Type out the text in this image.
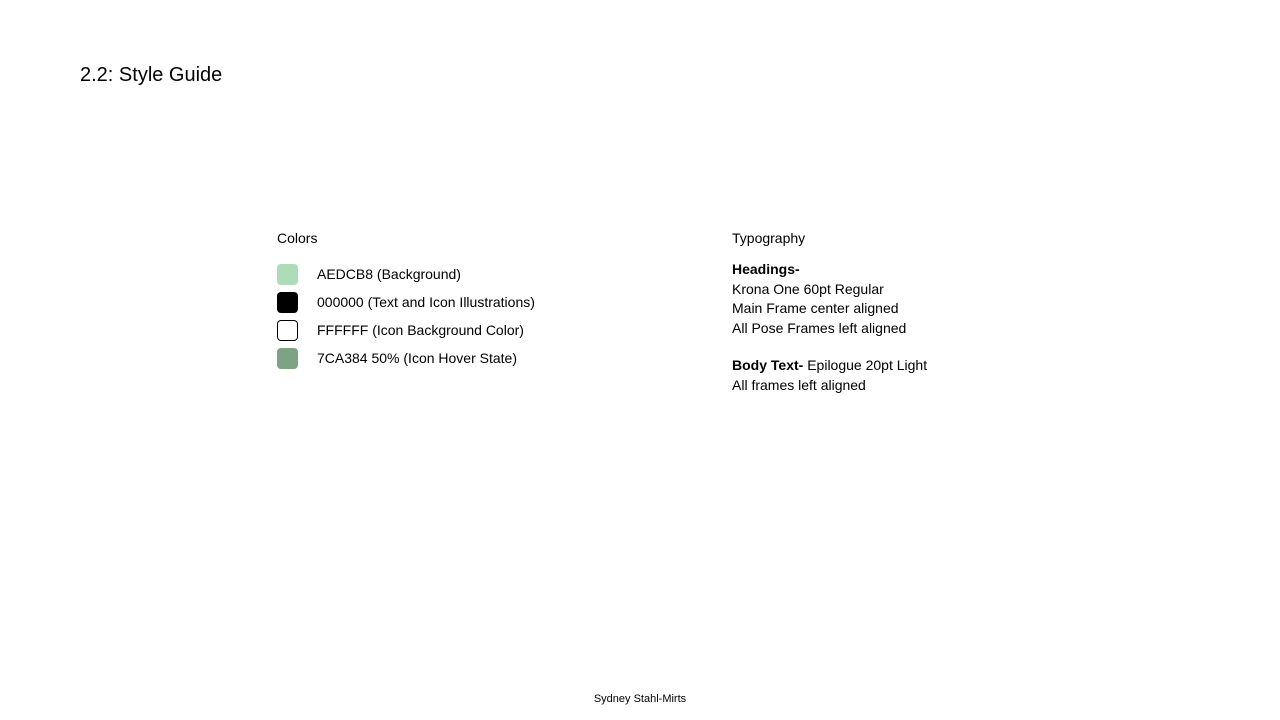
2.2: Style Guide
Colors
AEDCB8 (Background)
000000 (Text and Icon Illustrations)
FFFFFF (Icon Background Color)
7CA384 50% (Icon Hover State)
Typography
Headings-
Krona One 60pt Regular
Main Frame center aligned
All Pose Frames left aligned
Body Text- Epilogue 20pt Light
All frames left aligned
Sydney Stahl-Mirts
